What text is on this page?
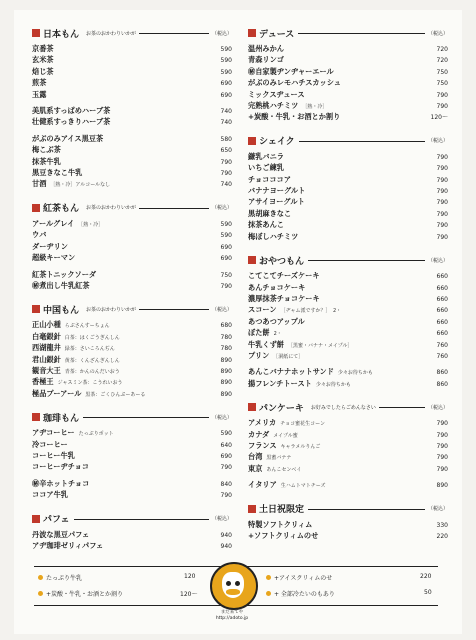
日本もん	お茶のおかわりいかが	（税込）
京番茶	590
玄米茶	590
焙じ茶	590
煎茶	690
玉露	690
美肌系すっぱめハーブ茶	740
壮健系すっきりハーブ茶	740
がぶのみアイス黒豆茶	580
梅こぶ茶	650
抹茶牛乳	790
黒豆きなこ牛乳	790
甘酒 ［熱・冷］アルコールなし	740
紅茶もん	お茶のおかわりいかが	（税込）
アールグレイ ［熱・冷］	590
ウバ	590
ダーヂリン	690
超級キーマン	690
紅茶トニックソーダ	750
㊙煮出し牛乳紅茶	790
中国もん	お茶のおかわりいかが	（税込）
正山小種 らぷさんすーちょん	680
白毫銀針 白茶：はくごうぎんしん	780
西湖龍井 緑茶：さいころんぢん	780
君山銀針 黄茶：くんざんぎんしん	890
観音大王 青茶：かんのんだいおう	890
香極王 ジャスミン茶：こうれいおう	890
極品プーアール 黒茶：ごくひんぷーあーる	890
珈琲もん	（税込）
アヂコーヒー たっぷりポット	590
冷コーヒー	640
コーヒー牛乳	690
コーヒーヂチョコ	790
㊙辛ホットチョコ	840
ココア牛乳	790
パフェ	（税込）
丹波な黒豆パフェ	940
アヂ珈琲ゼリィパフェ	940
デュース	（税込）
温州みかん	720
青森リンゴ	720
㊙自家製ヂンヂャーエール	750
がぶのみレモハチスカッシュ	750
ミックスヂュース	790
完熟桃ハチミツ ［熱・冷］	790
+炭酸・牛乳・お酒とか割り	120〜
シェイク	（税込）
鎌乳バニラ	790
いちご練乳	790
チョコココア	790
バナナヨーグルト	790
アサイヨーグルト	790
黒胡麻きなこ	790
抹茶あんこ	790
梅ぼしハチミツ	790
おやつもん	（税込）
こてこてチーズケーキ	660
あんチョコケーキ	660
濃厚抹茶チョコケーキ	660
スコーン ［ヂャム派ですか？］　2・	660
あつあつアップル	660
ぼた餅 2・	660
牛乳くず餅 ［黒蜜・バナナ・メイプル］	760
プリン ［洞紙にて］	760
あんこバナナホットサンド 少々お待ちかも	860
揚フレンチトースト 少々お待ちかも	860
パンケーキ	お好みでしたらごめんなさい	（税込）
アメリカ チョコ蜜花生コーン	790
カナダ メイプル蜜	790
フランス キャラメルりんご	790
台湾 黒蜜バナナ	790
東京 あんこセンベイ	790
イタリア 生ハムトマトチーズ	890
土日祝限定	（税込）
特製ソフトクリィム	330
+ソフトクリィムのせ	220
たっぷり牛乳	120
+炭酸・牛乳・お酒とか割り	120〜
+アイスクリィムのせ	220
+ 全部冷たいのもあり	50
まだ来てや
http://adoto.jp
